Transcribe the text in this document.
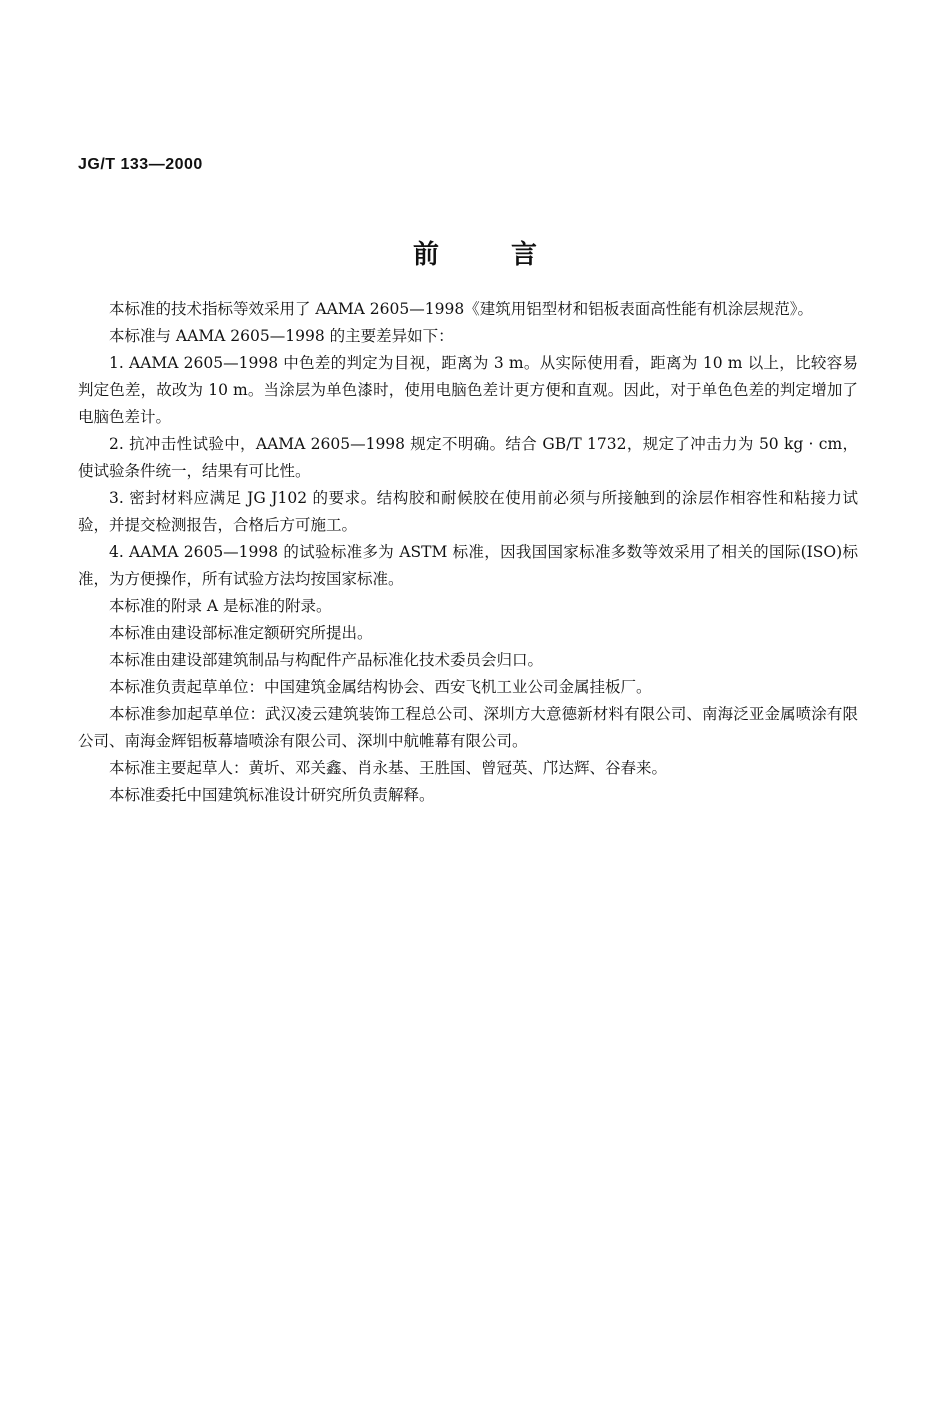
JG/T 133—2000
前言

本标准的技术指标等效采用了 AAMA 2605—1998《建筑用铝型材和铝板表面高性能有机涂层规范》。

本标准与 AAMA 2605—1998 的主要差异如下：

1. AAMA 2605—1998 中色差的判定为目视，距离为 3 m。从实际使用看，距离为 10 m 以上，比较容易判定色差，故改为 10 m。当涂层为单色漆时，使用电脑色差计更方便和直观。因此，对于单色色差的判定增加了电脑色差计。

2. 抗冲击性试验中，AAMA 2605—1998 规定不明确。结合 GB/T 1732，规定了冲击力为 50 kg · cm，使试验条件统一，结果有可比性。

3. 密封材料应满足 JG J102 的要求。结构胶和耐候胶在使用前必须与所接触到的涂层作相容性和粘接力试验，并提交检测报告，合格后方可施工。

4. AAMA 2605—1998 的试验标准多为 ASTM 标准，因我国国家标准多数等效采用了相关的国际(ISO)标准，为方便操作，所有试验方法均按国家标准。

本标准的附录 A 是标准的附录。

本标准由建设部标准定额研究所提出。

本标准由建设部建筑制品与构配件产品标准化技术委员会归口。

本标准负责起草单位：中国建筑金属结构协会、西安飞机工业公司金属挂板厂。

本标准参加起草单位：武汉凌云建筑装饰工程总公司、深圳方大意德新材料有限公司、南海泛亚金属喷涂有限公司、南海金辉铝板幕墙喷涂有限公司、深圳中航帷幕有限公司。

本标准主要起草人：黄圻、邓关鑫、肖永基、王胜国、曾冠英、邝达辉、谷春来。

本标准委托中国建筑标准设计研究所负责解释。
